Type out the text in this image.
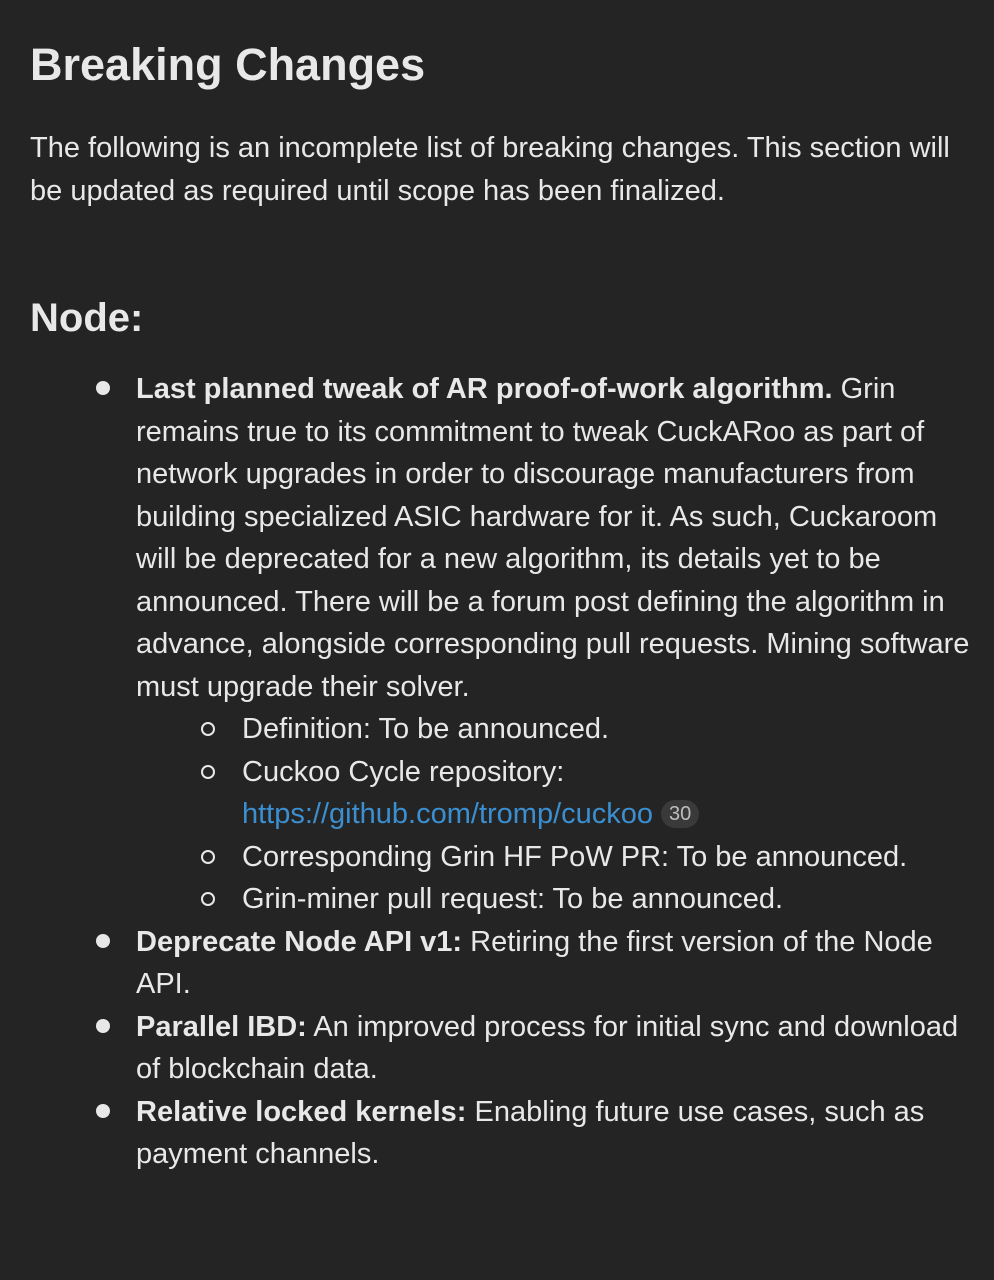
Breaking Changes

The following is an incomplete list of breaking changes. This section will be updated as required until scope has been finalized.

Node:
Last planned tweak of AR proof-of-work algorithm. Grin remains true to its commitment to tweak CuckARoo as part of network upgrades in order to discourage manufacturers from building specialized ASIC hardware for it. As such, Cuckaroom will be deprecated for a new algorithm, its details yet to be announced. There will be a forum post defining the algorithm in advance, alongside corresponding pull requests. Mining software must upgrade their solver.
Definition: To be announced.
Cuckoo Cycle repository:
https://github.com/tromp/cuckoo 30
Corresponding Grin HF PoW PR: To be announced.
Grin-miner pull request: To be announced.
Deprecate Node API v1: Retiring the first version of the Node API.
Parallel IBD: An improved process for initial sync and download of blockchain data.
Relative locked kernels: Enabling future use cases, such as payment channels.
